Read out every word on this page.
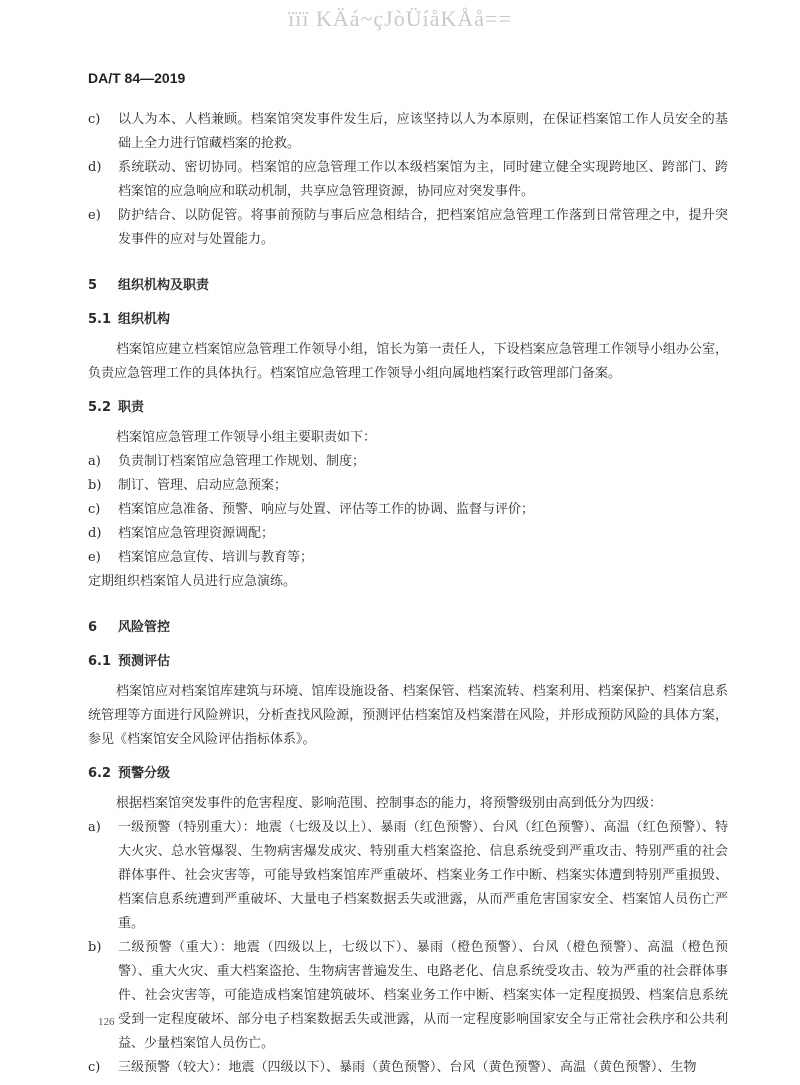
ïïï KÄá~çJòÜíåKÅå==
DA/T 84—2019
c)	以人为本、人档兼顾。档案馆突发事件发生后，应该坚持以人为本原则，在保证档案馆工作人员安全的基础上全力进行馆藏档案的抢救。
d)	系统联动、密切协同。档案馆的应急管理工作以本级档案馆为主，同时建立健全实现跨地区、跨部门、跨档案馆的应急响应和联动机制，共享应急管理资源，协同应对突发事件。
e)	防护结合、以防促管。将事前预防与事后应急相结合，把档案馆应急管理工作落到日常管理之中，提升突发事件的应对与处置能力。
5 组织机构及职责
5.1 组织机构
档案馆应建立档案馆应急管理工作领导小组，馆长为第一责任人，下设档案应急管理工作领导小组办公室，负责应急管理工作的具体执行。档案馆应急管理工作领导小组向属地档案行政管理部门备案。
5.2 职责
档案馆应急管理工作领导小组主要职责如下：
a)	负责制订档案馆应急管理工作规划、制度；
b)	制订、管理、启动应急预案；
c)	档案馆应急准备、预警、响应与处置、评估等工作的协调、监督与评价；
d)	档案馆应急管理资源调配；
e)	档案馆应急宣传、培训与教育等；
定期组织档案馆人员进行应急演练。
6 风险管控
6.1 预测评估
档案馆应对档案馆库建筑与环境、馆库设施设备、档案保管、档案流转、档案利用、档案保护、档案信息系统管理等方面进行风险辨识，分析查找风险源，预测评估档案馆及档案潜在风险，并形成预防风险的具体方案，参见《档案馆安全风险评估指标体系》。
6.2 预警分级
根据档案馆突发事件的危害程度、影响范围、控制事态的能力，将预警级别由高到低分为四级：
a)	一级预警（特别重大）：地震（七级及以上）、暴雨（红色预警）、台风（红色预警）、高温（红色预警）、特大火灾、总水管爆裂、生物病害爆发成灾、特别重大档案盗抢、信息系统受到严重攻击、特别严重的社会群体事件、社会灾害等，可能导致档案馆库严重破坏、档案业务工作中断、档案实体遭到特别严重损毁、档案信息系统遭到严重破坏、大量电子档案数据丢失或泄露，从而严重危害国家安全、档案馆人员伤亡严重。
b)	二级预警（重大）：地震（四级以上，七级以下）、暴雨（橙色预警）、台风（橙色预警）、高温（橙色预警）、重大火灾、重大档案盗抢、生物病害普遍发生、电路老化、信息系统受攻击、较为严重的社会群体事件、社会灾害等，可能造成档案馆建筑破坏、档案业务工作中断、档案实体一定程度损毁、档案信息系统受到一定程度破坏、部分电子档案数据丢失或泄露，从而一定程度影响国家安全与正常社会秩序和公共利益、少量档案馆人员伤亡。
c)	三级预警（较大）：地震（四级以下）、暴雨（黄色预警）、台风（黄色预警）、高温（黄色预警）、生物
126
